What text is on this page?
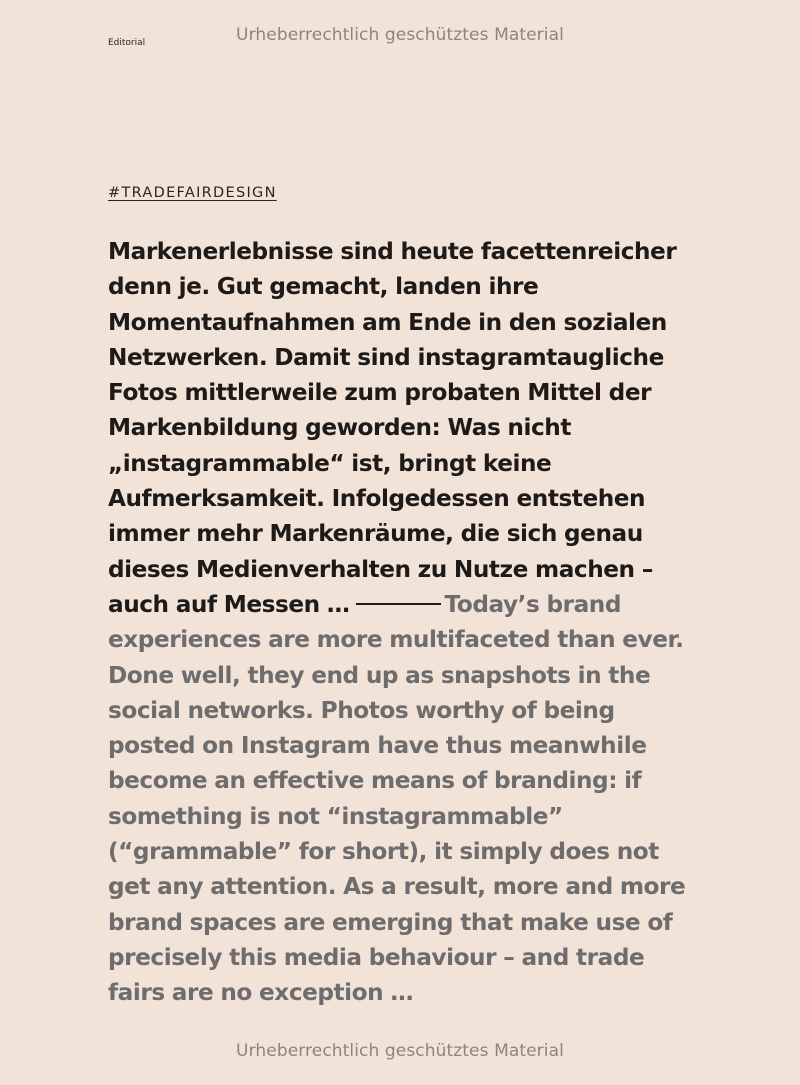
Urheberrechtlich geschütztes Material
Editorial
#TRADEFAIRDESIGN
Markenerlebnisse sind heute facettenreicher denn je. Gut gemacht, landen ihre Momentaufnahmen am Ende in den sozialen Netzwerken. Damit sind instagramtaugliche Fotos mittlerweile zum probaten Mittel der Markenbildung geworden: Was nicht „instagrammable“ ist, bringt keine Aufmerksamkeit. Infolgedessen entstehen immer mehr Markenräume, die sich genau dieses Medienverhalten zu Nutze machen – auch auf Messen …	Today’s brand experiences are more multifaceted than ever. Done well, they end up as snapshots in the social networks. Photos worthy of being posted on Instagram have thus meanwhile become an effective means of branding: if something is not “instagrammable” (“grammable” for short), it simply does not get any attention. As a result, more and more brand spaces are emerging that make use of precisely this media behaviour – and trade fairs are no exception …
Urheberrechtlich geschütztes Material
